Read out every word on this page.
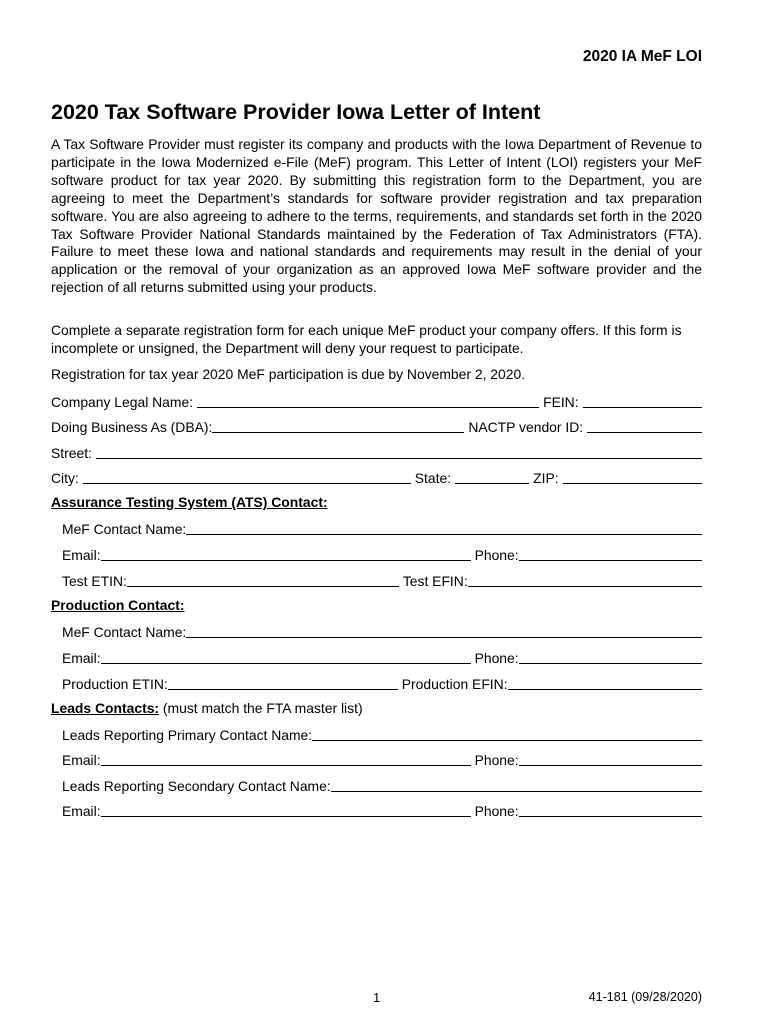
2020 IA MeF LOI
2020 Tax Software Provider Iowa Letter of Intent

A Tax Software Provider must register its company and products with the Iowa Department of Revenue to participate in the Iowa Modernized e-File (MeF) program. This Letter of Intent (LOI) registers your MeF software product for tax year 2020. By submitting this registration form to the Department, you are agreeing to meet the Department’s standards for software provider registration and tax preparation software. You are also agreeing to adhere to the terms, requirements, and standards set forth in the 2020 Tax Software Provider National Standards maintained by the Federation of Tax Administrators (FTA). Failure to meet these Iowa and national standards and requirements may result in the denial of your application or the removal of your organization as an approved Iowa MeF software provider and the rejection of all returns submitted using your products.

Complete a separate registration form for each unique MeF product your company offers. If this form is incomplete or unsigned, the Department will deny your request to participate.

Registration for tax year 2020 MeF participation is due by November 2, 2020.

Company Legal Name:	FEIN:
Doing Business As (DBA):	NACTP vendor ID:
Street:
City:	State:	ZIP:
Assurance Testing System (ATS) Contact:
MeF Contact Name:
Email:	Phone:
Test ETIN:	Test EFIN:
Production Contact:
MeF Contact Name:
Email:	Phone:
Production ETIN:	Production EFIN:
Leads Contacts: (must match the FTA master list)
Leads Reporting Primary Contact Name:
Email:	Phone:
Leads Reporting Secondary Contact Name:
Email:	Phone:
1	41-181 (09/28/2020)
